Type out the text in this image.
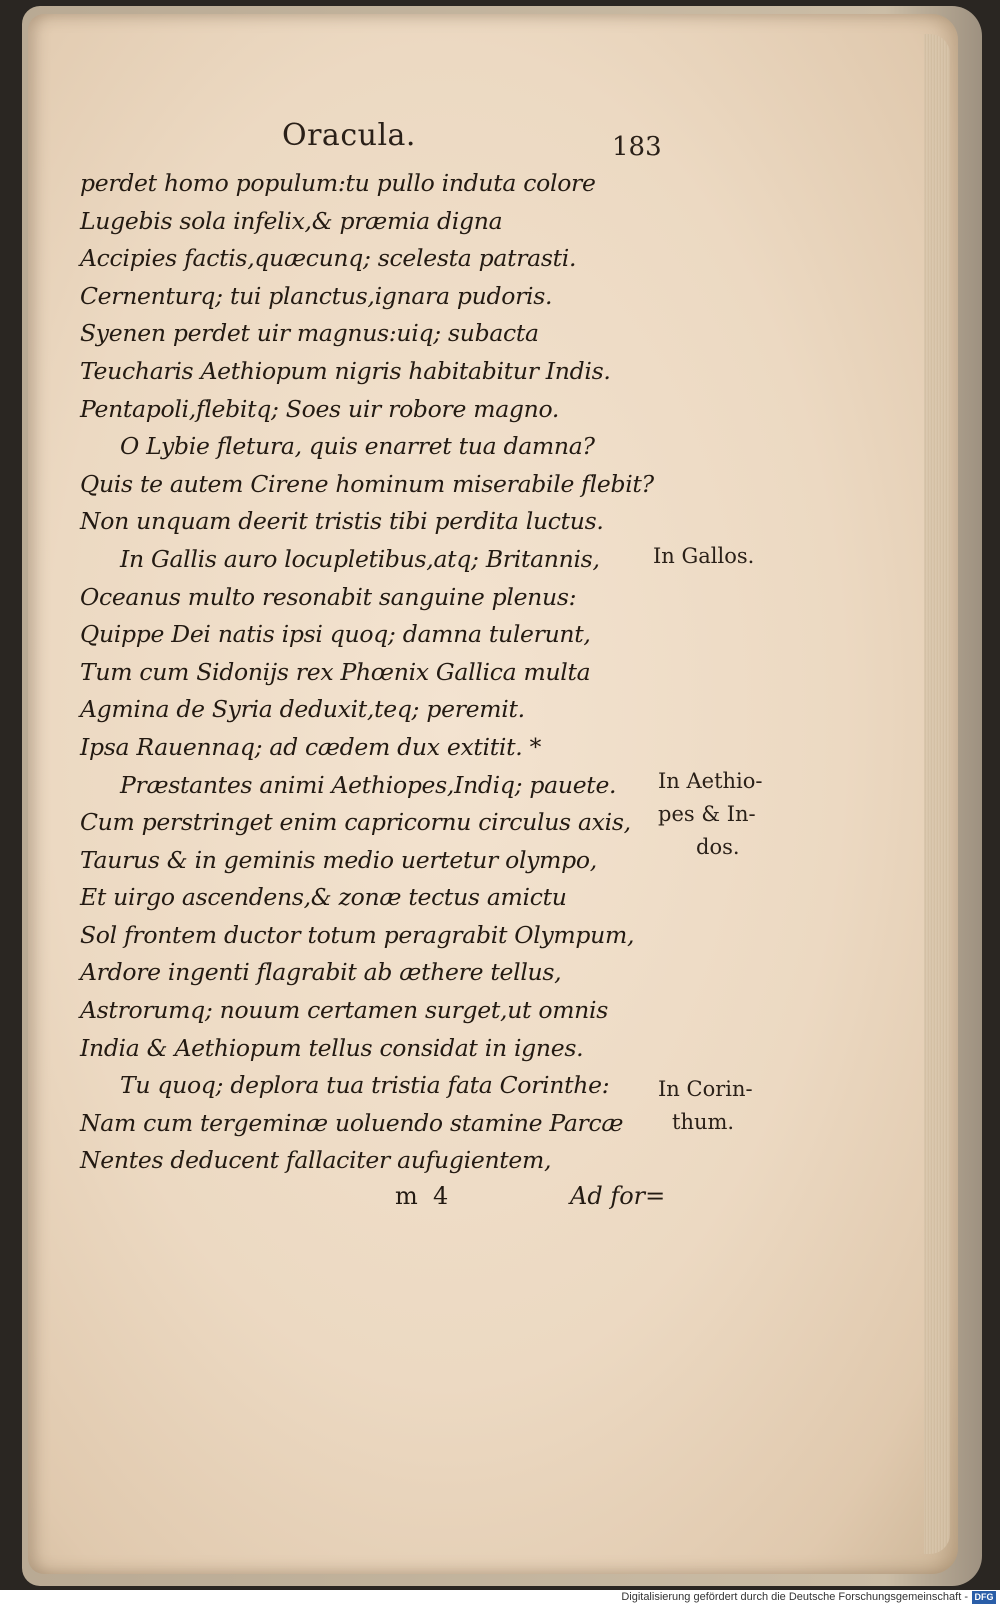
Oracula.	183
perdet homo populum:tu pullo induta colore
Lugebis sola infelix,& præmia digna
Accipies factis,quæcunq; scelesta patrasti.
Cernenturq; tui planctus,ignara pudoris.
Syenen perdet uir magnus:uiq; subacta
Teucharis Aethiopum nigris habitabitur Indis.
Pentapoli,flebitq; Soes uir robore magno.
O Lybie fletura, quis enarret tua damna?
Quis te autem Cirene hominum miserabile flebit?
Non unquam deerit tristis tibi perdita luctus.
In Gallis auro locupletibus,atq; Britannis,
Oceanus multo resonabit sanguine plenus:
Quippe Dei natis ipsi quoq; damna tulerunt,
Tum cum Sidonijs rex Phœnix Gallica multa
Agmina de Syria deduxit,teq; peremit.
Ipsa Rauennaq; ad cædem dux extitit. *
Præstantes animi Aethiopes,Indiq; pauete.
Cum perstringet enim capricornu circulus axis,
Taurus & in geminis medio uertetur olympo,
Et uirgo ascendens,& zonæ tectus amictu
Sol frontem ductor totum peragrabit Olympum,
Ardore ingenti flagrabit ab æthere tellus,
Astrorumq; nouum certamen surget,ut omnis
India & Aethiopum tellus considat in ignes.
Tu quoq; deplora tua tristia fata Corinthe:
Nam cum tergeminæ uoluendo stamine Parcæ
Nentes deducent fallaciter aufugientem,
In Gallos.
In Aethio-
pes & In-
dos.
In Corin-
thum.
m  4	Ad for=
Digitalisierung gefördert durch die Deutsche Forschungsgemeinschaft - DFG
